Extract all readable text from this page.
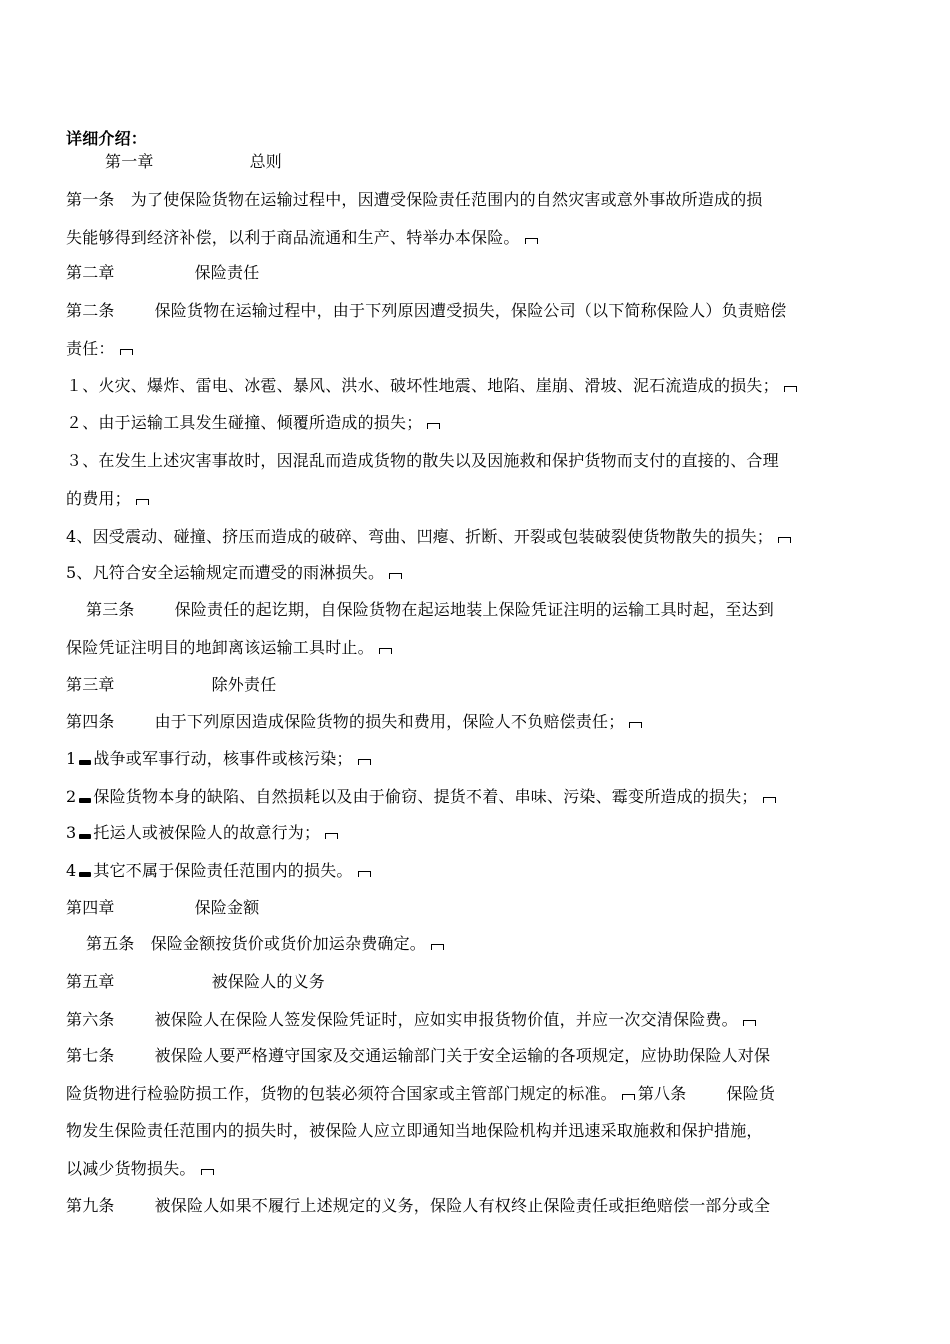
详细介绍：
第一章	总则
第一条　为了使保险货物在运输过程中，因遭受保险责任范围内的自然灾害或意外事故所造成的损
失能够得到经济补偿，以利于商品流通和生产、特举办本保险。
第二章	保险责任
第二条	保险货物在运输过程中，由于下列原因遭受损失，保险公司（以下简称保险人）负责赔偿
责任：
１、火灾、爆炸、雷电、冰雹、暴风、洪水、破坏性地震、地陷、崖崩、滑坡、泥石流造成的损失；
２、由于运输工具发生碰撞、倾覆所造成的损失；
３、在发生上述灾害事故时，因混乱而造成货物的散失以及因施救和保护货物而支付的直接的、合理
的费用；
4、因受震动、碰撞、挤压而造成的破碎、弯曲、凹瘪、折断、开裂或包装破裂使货物散失的损失；
5、凡符合安全运输规定而遭受的雨淋损失。
第三条	保险责任的起讫期，自保险货物在起运地装上保险凭证注明的运输工具时起，至达到
保险凭证注明目的地卸离该运输工具时止。
第三章	除外责任
第四条	由于下列原因造成保险货物的损失和费用，保险人不负赔偿责任；
1 战争或军事行动，核事件或核污染；
2 保险货物本身的缺陷、自然损耗以及由于偷窃、提货不着、串味、污染、霉变所造成的损失；
3 托运人或被保险人的故意行为；
4 其它不属于保险责任范围内的损失。
第四章	保险金额
第五条 保险金额按货价或货价加运杂费确定。
第五章	被保险人的义务
第六条	被保险人在保险人签发保险凭证时，应如实申报货物价值，并应一次交清保险费。
第七条	被保险人要严格遵守国家及交通运输部门关于安全运输的各项规定，应协助保险人对保
险货物进行检验防损工作，货物的包装必须符合国家或主管部门规定的标准。 第八条	保险货
物发生保险责任范围内的损失时，被保险人应立即通知当地保险机构并迅速采取施救和保护措施，
以减少货物损失。
第九条	被保险人如果不履行上述规定的义务，保险人有权终止保险责任或拒绝赔偿一部分或全
